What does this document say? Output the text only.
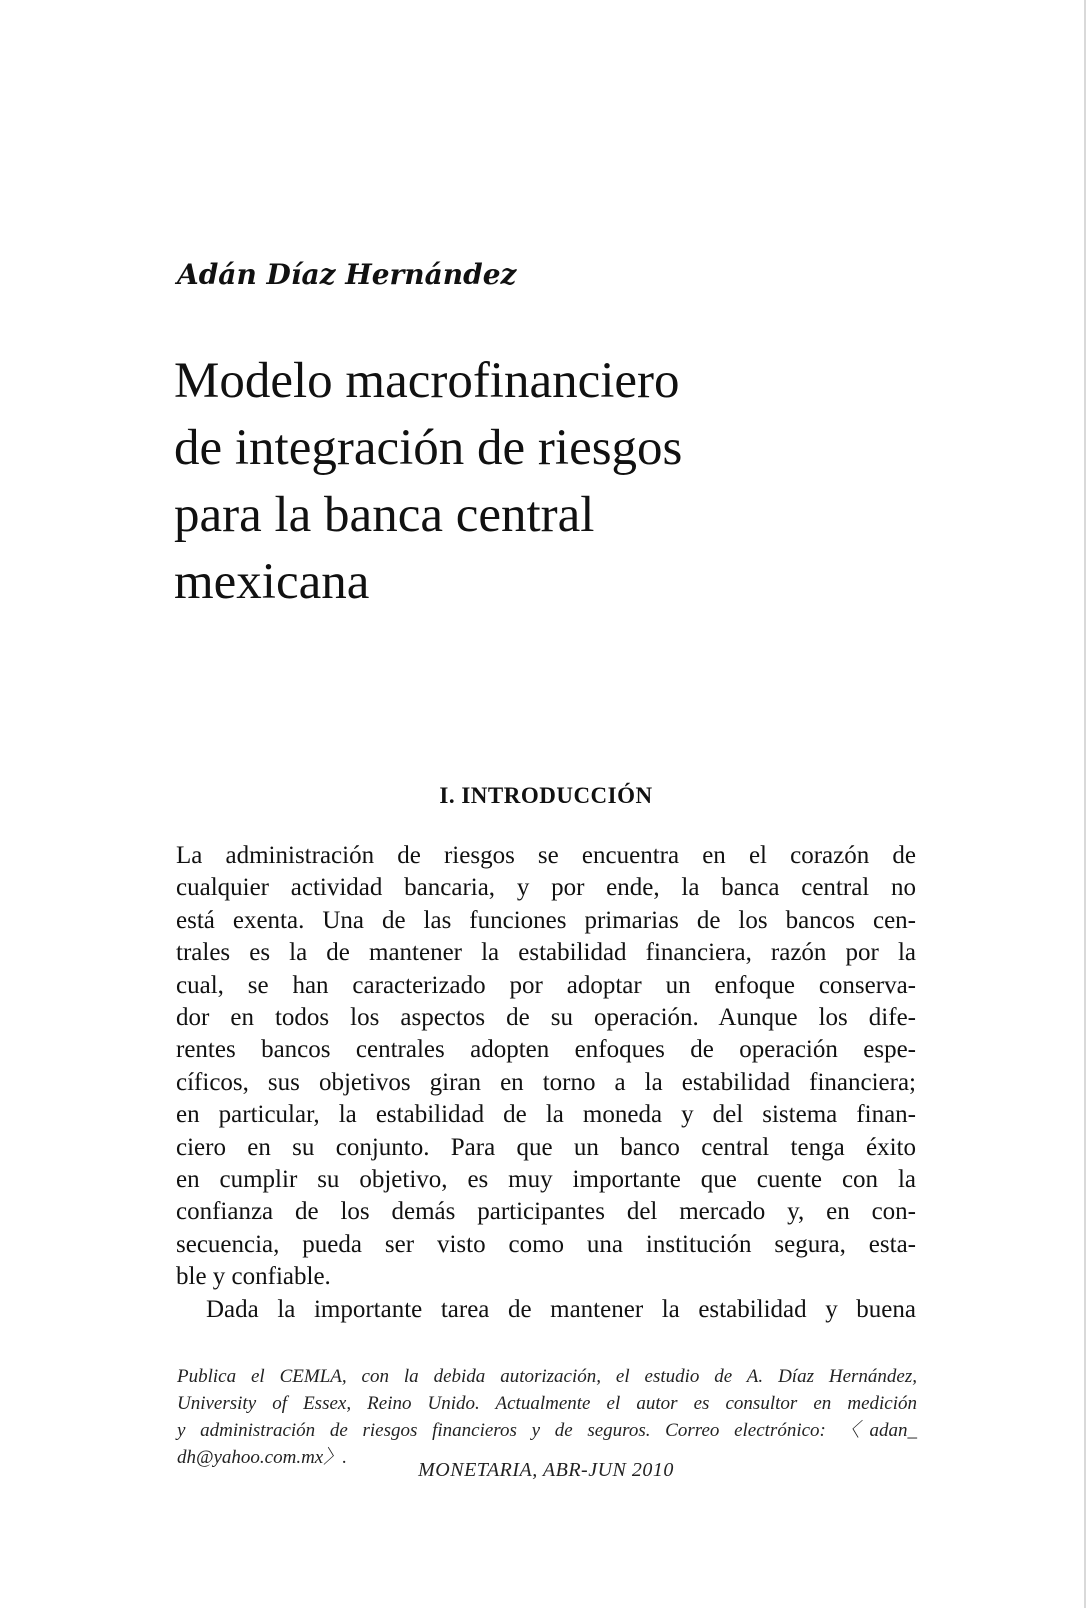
Adán Díaz Hernández
Modelo macrofinanciero
de integración de riesgos
para la banca central
mexicana
I. INTRODUCCIÓN
La administración de riesgos se encuentra en el corazón de
cualquier actividad bancaria, y por ende, la banca central no
está exenta. Una de las funciones primarias de los bancos cen-
trales es la de mantener la estabilidad financiera, razón por la
cual, se han caracterizado por adoptar un enfoque conserva-
dor en todos los aspectos de su operación. Aunque los dife-
rentes bancos centrales adopten enfoques de operación espe-
cíficos, sus objetivos giran en torno a la estabilidad financiera;
en particular, la estabilidad de la moneda y del sistema finan-
ciero en su conjunto. Para que un banco central tenga éxito
en cumplir su objetivo, es muy importante que cuente con la
confianza de los demás participantes del mercado y, en con-
secuencia, pueda ser visto como una institución segura, esta-
ble y confiable.
Dada la importante tarea de mantener la estabilidad y buena
Publica el CEMLA, con la debida autorización, el estudio de A. Díaz Hernández,
University of Essex, Reino Unido. Actualmente el autor es consultor en medición
y administración de riesgos financieros y de seguros. Correo electrónico: 〈adan_
dh@yahoo.com.mx〉.
MONETARIA, ABR-JUN 2010
